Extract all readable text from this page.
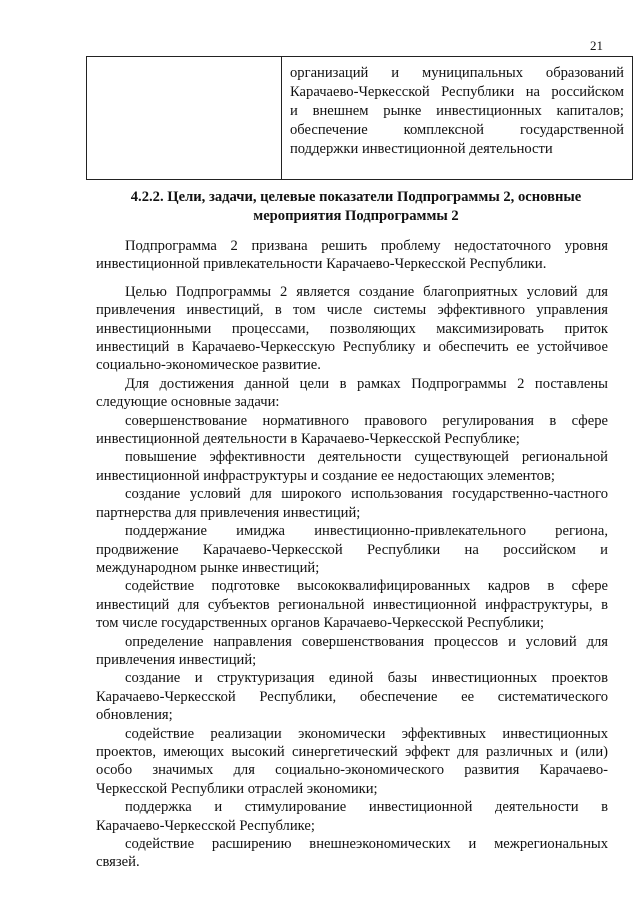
21
организаций и муниципальных образований
Карачаево-Черкесской Республики на российском
и внешнем рынке инвестиционных капиталов;
обеспечение комплексной государственной
поддержки инвестиционной деятельности
4.2.2. Цели, задачи, целевые показатели Подпрограммы 2, основные
мероприятия Подпрограммы 2
Подпрограмма 2 призвана решить проблему недостаточного уровня
инвестиционной привлекательности Карачаево-Черкесской Республики.
Целью Подпрограммы 2 является создание благоприятных условий для
привлечения инвестиций, в том числе системы эффективного управления
инвестиционными процессами, позволяющих максимизировать приток
инвестиций в Карачаево-Черкесскую Республику и обеспечить ее устойчивое
социально-экономическое развитие.
Для достижения данной цели в рамках Подпрограммы 2 поставлены
следующие основные задачи:
совершенствование нормативного правового регулирования в сфере
инвестиционной деятельности в Карачаево-Черкесской Республике;
повышение эффективности деятельности существующей региональной
инвестиционной инфраструктуры и создание ее недостающих элементов;
создание условий для широкого использования государственно-частного
партнерства для привлечения инвестиций;
поддержание имиджа инвестиционно-привлекательного региона,
продвижение Карачаево-Черкесской Республики на российском и
международном рынке инвестиций;
содействие подготовке высококвалифицированных кадров в сфере
инвестиций для субъектов региональной инвестиционной инфраструктуры, в
том числе государственных органов Карачаево-Черкесской Республики;
определение направления совершенствования процессов и условий для
привлечения инвестиций;
создание и структуризация единой базы инвестиционных проектов
Карачаево-Черкесской Республики, обеспечение ее систематического
обновления;
содействие реализации экономически эффективных инвестиционных
проектов, имеющих высокий синергетический эффект для различных и (или)
особо значимых для социально-экономического развития Карачаево-
Черкесской Республики отраслей экономики;
поддержка и стимулирование инвестиционной деятельности в
Карачаево-Черкесской Республике;
содействие расширению внешнеэкономических и межрегиональных
связей.
